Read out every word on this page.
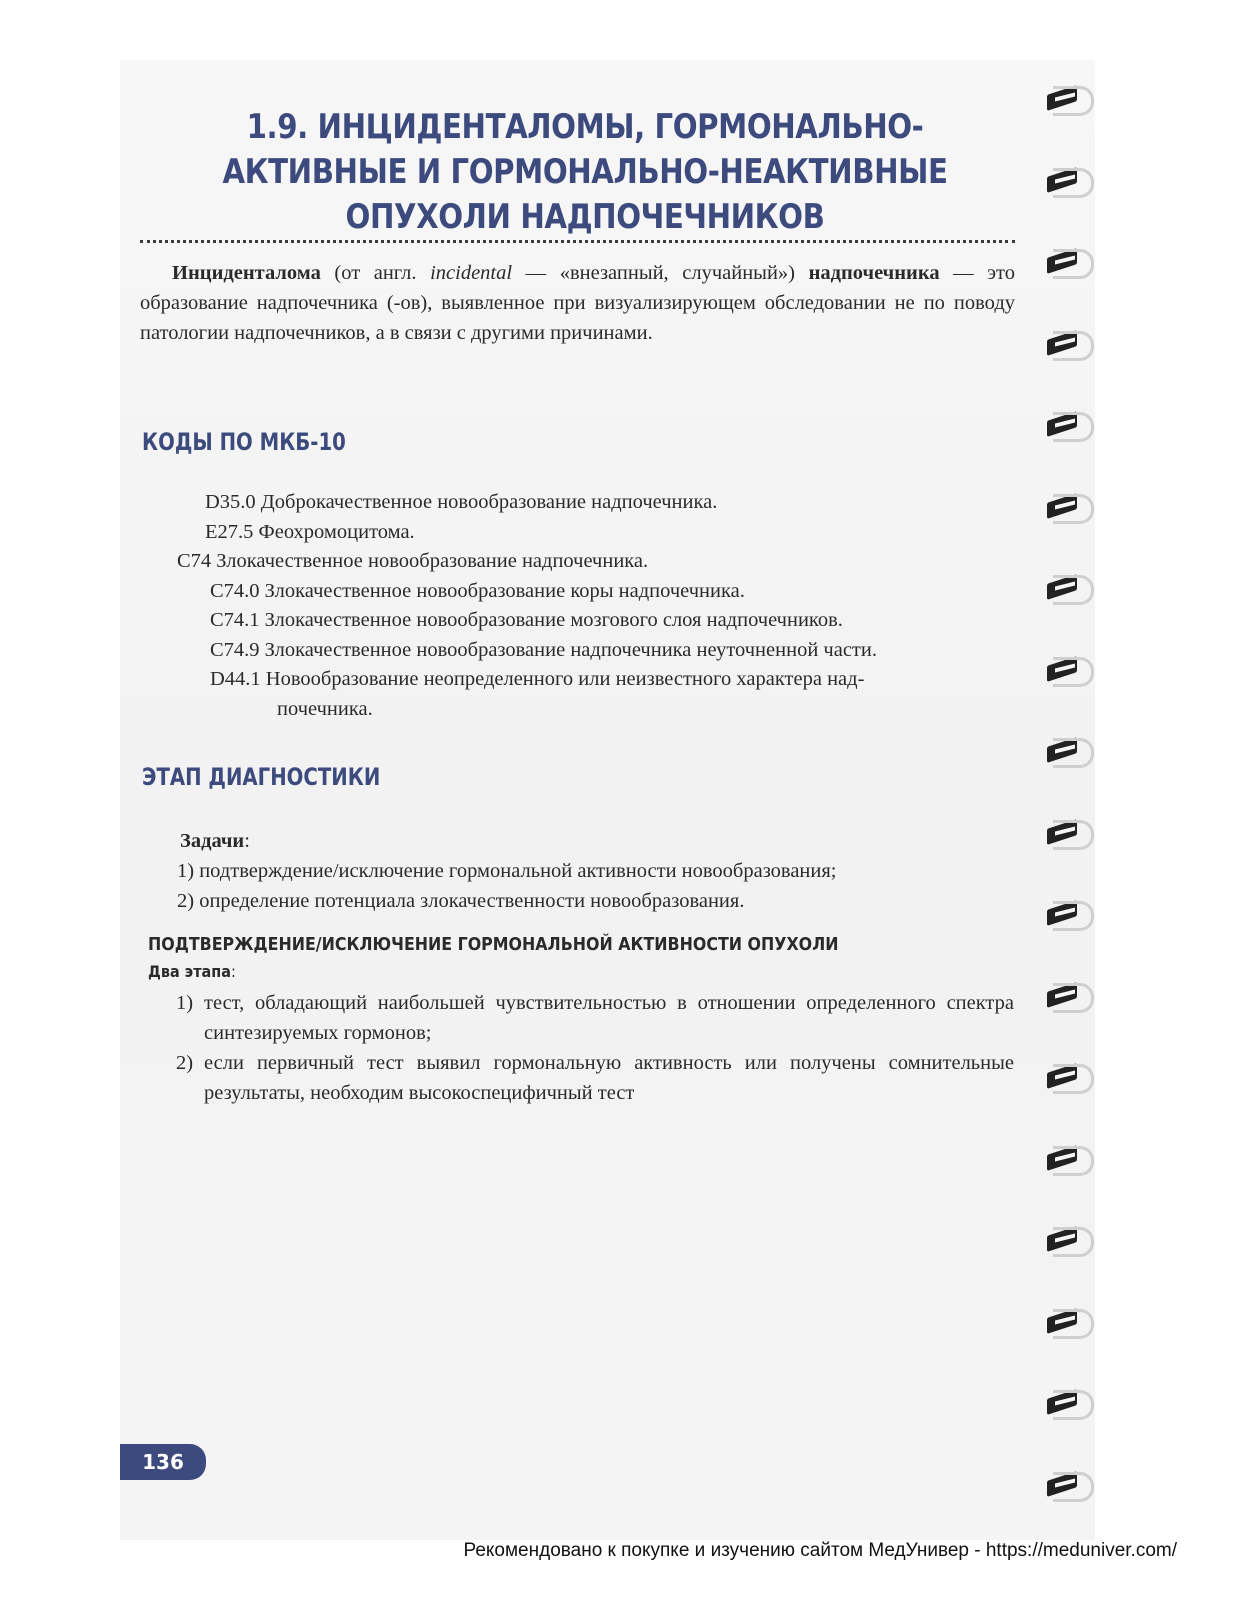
1.9. ИНЦИДЕНТАЛОМЫ, ГОРМОНАЛЬНО-АКТИВНЫЕ И ГОРМОНАЛЬНО-НЕАКТИВНЫЕ ОПУХОЛИ НАДПОЧЕЧНИКОВ
Инциденталома (от англ. incidental — «внезапный, случайный») надпочечника — это образование надпочечника (-ов), выявленное при визуализирующем обследовании не по поводу патологии надпочечников, а в связи с другими причинами.
КОДЫ ПО МКБ-10
D35.0 Доброкачественное новообразование надпочечника.
E27.5 Феохромоцитома.
C74 Злокачественное новообразование надпочечника.
C74.0 Злокачественное новообразование коры надпочечника.
C74.1 Злокачественное новообразование мозгового слоя надпочечников.
C74.9 Злокачественное новообразование надпочечника неуточненной части.
D44.1 Новообразование неопределенного или неизвестного характера над-
почечника.
ЭТАП ДИАГНОСТИКИ
Задачи:
1) подтверждение/исключение гормональной активности новообразования;
2) определение потенциала злокачественности новообразования.
ПОДТВЕРЖДЕНИЕ/ИСКЛЮЧЕНИЕ ГОРМОНАЛЬНОЙ АКТИВНОСТИ ОПУХОЛИ
Два этапа:
1) тест, обладающий наибольшей чувствительностью в отношении определенного спектра синтезируемых гормонов;
2) если первичный тест выявил гормональную активность или получены сомнительные результаты, необходим высокоспецифичный тест
136
Рекомендовано к покупке и изучению сайтом МедУнивер - https://meduniver.com/
